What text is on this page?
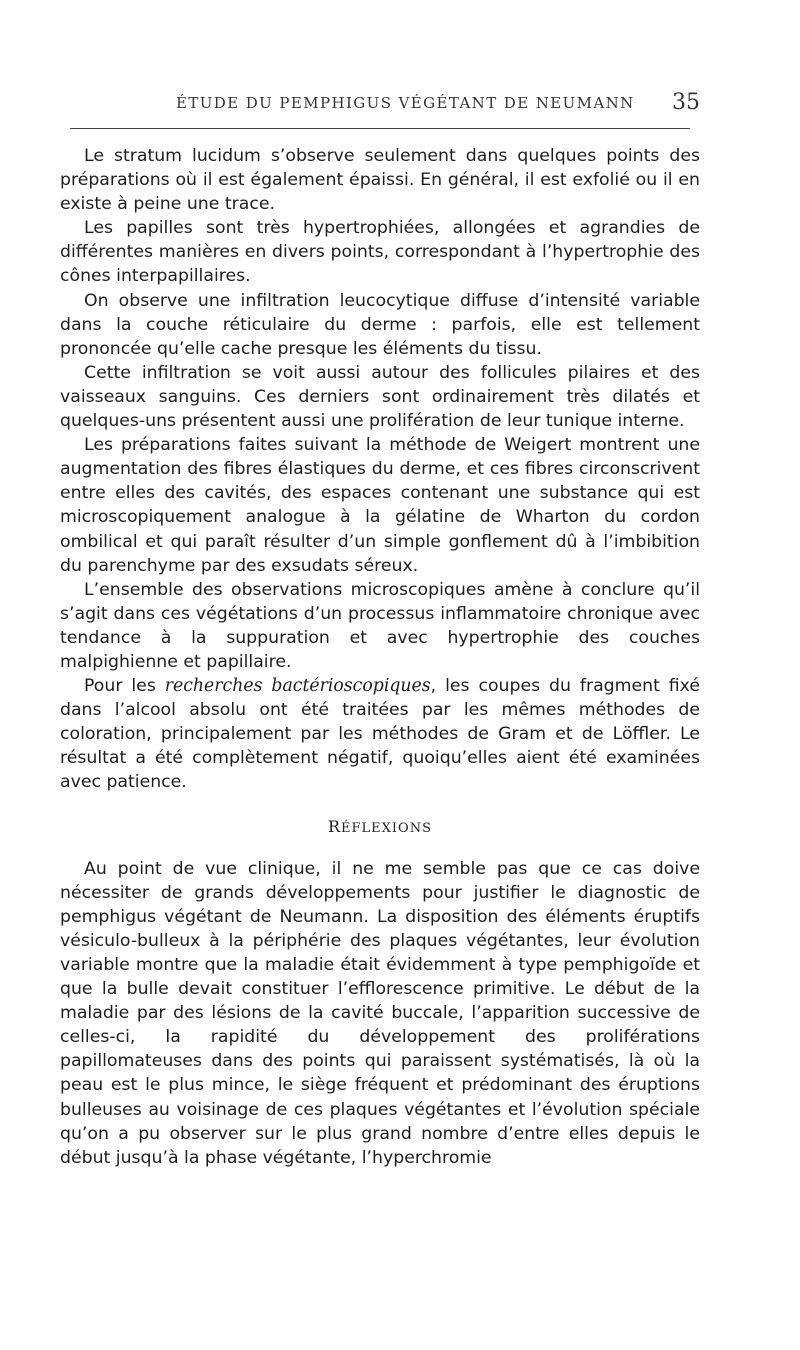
ÉTUDE DU PEMPHIGUS VÉGÉTANT DE NEUMANN 35

Le stratum lucidum s’observe seulement dans quelques points des préparations où il est également épaissi. En général, il est exfolié ou il en existe à peine une trace.

Les papilles sont très hypertrophiées, allongées et agrandies de différentes manières en divers points, correspondant à l’hypertrophie des cônes interpapillaires.

On observe une infiltration leucocytique diffuse d’intensité variable dans la couche réticulaire du derme : parfois, elle est tellement prononcée qu’elle cache presque les éléments du tissu.

Cette infiltration se voit aussi autour des follicules pilaires et des vaisseaux sanguins. Ces derniers sont ordinairement très dilatés et quelques-uns présentent aussi une prolifération de leur tunique interne.

Les préparations faites suivant la méthode de Weigert montrent une augmentation des fibres élastiques du derme, et ces fibres circonscrivent entre elles des cavités, des espaces contenant une substance qui est microscopiquement analogue à la gélatine de Wharton du cordon ombilical et qui paraît résulter d’un simple gonflement dû à l’imbibition du parenchyme par des exsudats séreux.

L’ensemble des observations microscopiques amène à conclure qu’il s’agit dans ces végétations d’un processus inflammatoire chronique avec tendance à la suppuration et avec hypertrophie des couches malpighienne et papillaire.

Pour les recherches bactérioscopiques, les coupes du fragment fixé dans l’alcool absolu ont été traitées par les mêmes méthodes de coloration, principalement par les méthodes de Gram et de Löffler. Le résultat a été complètement négatif, quoiqu’elles aient été examinées avec patience.

RÉFLEXIONS

Au point de vue clinique, il ne me semble pas que ce cas doive nécessiter de grands développements pour justifier le diagnostic de pemphigus végétant de Neumann. La disposition des éléments éruptifs vésiculo-bulleux à la périphérie des plaques végétantes, leur évolution variable montre que la maladie était évidemment à type pemphigoïde et que la bulle devait constituer l’efflorescence primitive. Le début de la maladie par des lésions de la cavité buccale, l’apparition successive de celles-ci, la rapidité du développement des proliférations papillomateuses dans des points qui paraissent systématisés, là où la peau est le plus mince, le siège fréquent et prédominant des éruptions bulleuses au voisinage de ces plaques végétantes et l’évolution spéciale qu’on a pu observer sur le plus grand nombre d’entre elles depuis le début jusqu’à la phase végétante, l’hyperchromie
